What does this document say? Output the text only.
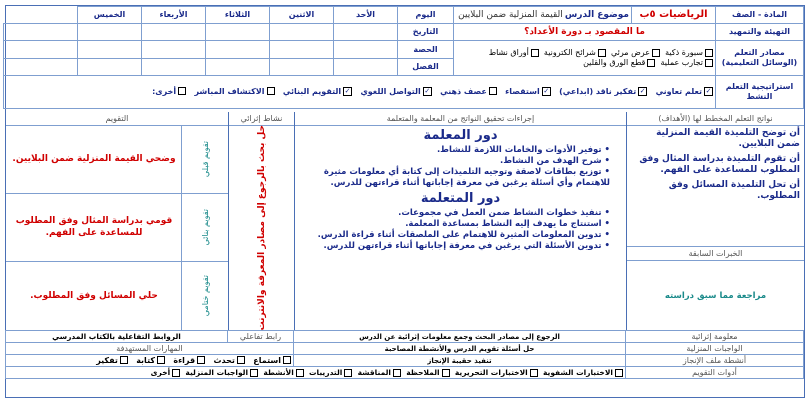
المادة - الصف	الرياضيات ٥ب	موضوع الدرس
القيمة المنزلية ضمن البلايين	اليوم	الأحد	الاثنين	الثلاثاء	الأربعاء	الخميس	
التهيئة والتمهيد	ما المقصود بـ دورة الأعداد؟		التاريخ						
مصادر التعلم (الوسائل التعليمية)	سبورة ذكية  عرض مرئي  شرائح الكترونية  أوراق نشاط
تجارب عملية  قطع الورق والقلين		الحصة						
			الفصل						
استراتيجية التعلم النشط	✓تعلم تعاوني   ✓تفكير ناقد (ابداعي)   ✓استقصاء   عصف ذهني   ✓التواصل اللغوي   ✓التقويم البنائي   الاكتشاف المباشر   أخرى:								
نواتج التعلم المخطط لها (الأهداف)
أن توضح التلميذة القيمة المنزلية ضمن البلايين.
أن تقوم التلميذة بدراسة المثال وفق المطلوب للمساعدة على الفهم.
أن تحل التلميذة المسائل وفق المطلوب.
الخبرات السابقة
مراجعة مما سبق دراسته
إجراءات تحقيق النواتج من المعلمة والمتعلمة
دور المعلمة
• توفير الأدوات والخامات اللازمة للنشاط.
• شرح الهدف من النشاط.
• توزيع بطاقات لاصقة وتوجيه التلميذات إلى كتابة أي معلومات مثيرة للاهتمام وأي أسئلة يرغبن في معرفة إجاباتها أثناء قراءتهن للدرس.
دور المتعلمة
• تنفيذ خطوات النشاط ضمن العمل في مجموعات.
• استنتاج ما يهدف إليه النشاط بمساعدة المعلمة.
• تدوين المعلومات المثيرة للاهتمام على الملصقات أثناء قراءة الدرس.
• تدوين الأسئلة التي يرغبن في معرفة إجاباتها أثناء قراءتهن للدرس.
نشاط إثرائي
حل بحث بالرجوع إلى مصادر المعرفة والانترنت
التقويم
وضحي القيمة المنزلية ضمن البلايين.	تقويم قبلي
قومي بدراسة المثال وفق المطلوب للمساعدة على الفهم.	تقويم بنائي
حلي المسائل وفق المطلوب.	تقويم ختامي
معلومة إثرائية	الرجوع إلى مصادر البحث وجمع معلومات إثرائية عن الدرس	رابط تفاعلي	الروابط التفاعلية بالكتاب المدرسي
الواجبات المنزلية	حل أسئلة تقويم الدرس والأنشطة المصاحبة	المهارات المستهدفة	
أنشطة ملف الإنجاز	تنفيذ حقيبة الإنجاز	استماع   تحدث   قراءة   كتابة   تفكير	
أدوات التقويم	الاختبارات الشفوية  الاختبارات التحريرية  الملاحظة  المناقشة  التدريبات  الأنشطة  الواجبات المنزلية  أخرى		
